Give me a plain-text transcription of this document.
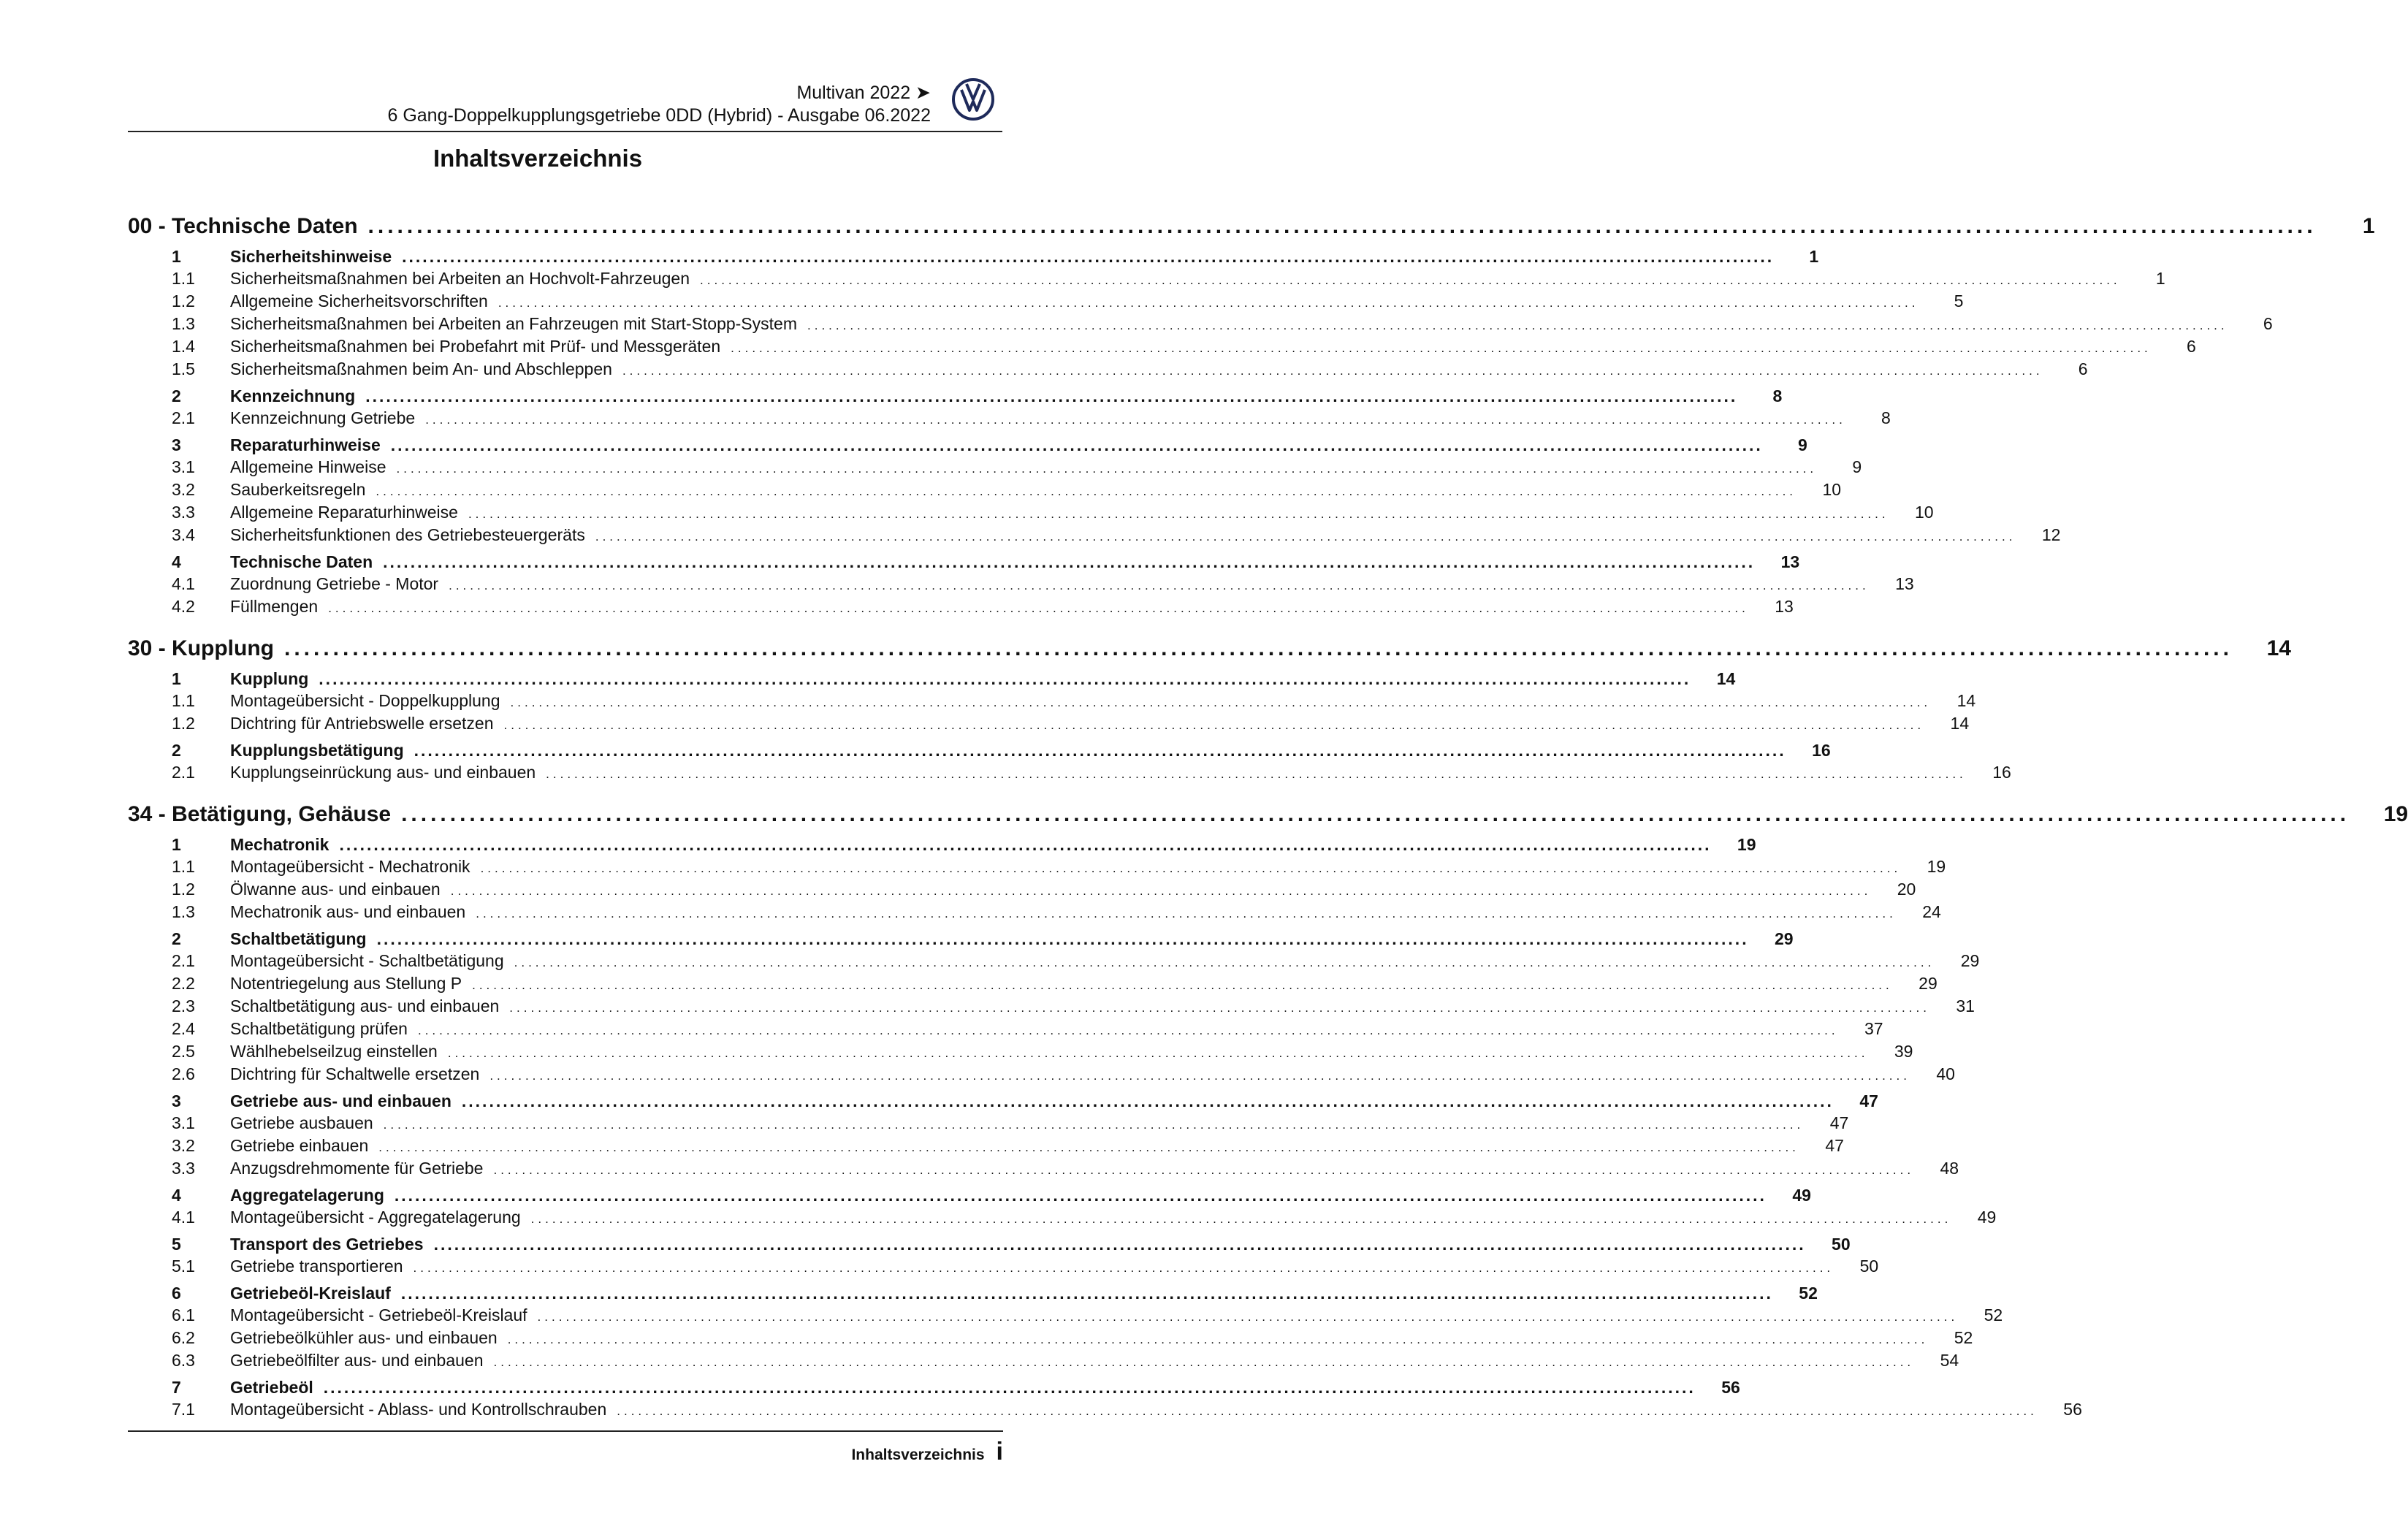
Multivan 2022 ➤
6 Gang-Doppelkupplungsgetriebe 0DD (Hybrid) - Ausgabe 06.2022
Inhaltsverzeichnis
00 - Technische Daten ........................................................................................................................................................................................................	1
1	Sicherheitshinweise ........................................................................................................................................................................................................	1
1.1	Sicherheitsmaßnahmen bei Arbeiten an Hochvolt-Fahrzeugen ........................................................................................................................................................................................................	1
1.2	Allgemeine Sicherheitsvorschriften ........................................................................................................................................................................................................	5
1.3	Sicherheitsmaßnahmen bei Arbeiten an Fahrzeugen mit Start-Stopp-System ........................................................................................................................................................................................................	6
1.4	Sicherheitsmaßnahmen bei Probefahrt mit Prüf- und Messgeräten ........................................................................................................................................................................................................	6
1.5	Sicherheitsmaßnahmen beim An- und Abschleppen ........................................................................................................................................................................................................	6
2	Kennzeichnung ........................................................................................................................................................................................................	8
2.1	Kennzeichnung Getriebe ........................................................................................................................................................................................................	8
3	Reparaturhinweise ........................................................................................................................................................................................................	9
3.1	Allgemeine Hinweise ........................................................................................................................................................................................................	9
3.2	Sauberkeitsregeln ........................................................................................................................................................................................................	10
3.3	Allgemeine Reparaturhinweise ........................................................................................................................................................................................................	10
3.4	Sicherheitsfunktionen des Getriebesteuergeräts ........................................................................................................................................................................................................	12
4	Technische Daten ........................................................................................................................................................................................................	13
4.1	Zuordnung Getriebe - Motor ........................................................................................................................................................................................................	13
4.2	Füllmengen ........................................................................................................................................................................................................	13
30 - Kupplung ........................................................................................................................................................................................................ 14
1	Kupplung ........................................................................................................................................................................................................	14
1.1	Montageübersicht - Doppelkupplung ........................................................................................................................................................................................................	14
1.2	Dichtring für Antriebswelle ersetzen ........................................................................................................................................................................................................	14
2	Kupplungsbetätigung ........................................................................................................................................................................................................	16
2.1	Kupplungseinrückung aus- und einbauen ........................................................................................................................................................................................................	16
34 - Betätigung, Gehäuse ........................................................................................................................................................................................................ 19
1	Mechatronik ........................................................................................................................................................................................................	19
1.1	Montageübersicht - Mechatronik ........................................................................................................................................................................................................	19
1.2	Ölwanne aus- und einbauen ........................................................................................................................................................................................................	20
1.3	Mechatronik aus- und einbauen ........................................................................................................................................................................................................	24
2	Schaltbetätigung ........................................................................................................................................................................................................	29
2.1	Montageübersicht - Schaltbetätigung ........................................................................................................................................................................................................	29
2.2	Notentriegelung aus Stellung P ........................................................................................................................................................................................................	29
2.3	Schaltbetätigung aus- und einbauen ........................................................................................................................................................................................................	31
2.4	Schaltbetätigung prüfen ........................................................................................................................................................................................................	37
2.5	Wählhebelseilzug einstellen ........................................................................................................................................................................................................	39
2.6	Dichtring für Schaltwelle ersetzen ........................................................................................................................................................................................................	40
3	Getriebe aus- und einbauen ........................................................................................................................................................................................................	47
3.1	Getriebe ausbauen ........................................................................................................................................................................................................	47
3.2	Getriebe einbauen ........................................................................................................................................................................................................	47
3.3	Anzugsdrehmomente für Getriebe ........................................................................................................................................................................................................	48
4	Aggregatelagerung ........................................................................................................................................................................................................	49
4.1	Montageübersicht - Aggregatelagerung ........................................................................................................................................................................................................	49
5	Transport des Getriebes ........................................................................................................................................................................................................	50
5.1	Getriebe transportieren ........................................................................................................................................................................................................	50
6	Getriebeöl-Kreislauf ........................................................................................................................................................................................................	52
6.1	Montageübersicht - Getriebeöl-Kreislauf ........................................................................................................................................................................................................	52
6.2	Getriebeölkühler aus- und einbauen ........................................................................................................................................................................................................	52
6.3	Getriebeölfilter aus- und einbauen ........................................................................................................................................................................................................	54
7	Getriebeöl ........................................................................................................................................................................................................	56
7.1	Montageübersicht - Ablass- und Kontrollschrauben ........................................................................................................................................................................................................	56
Inhaltsverzeichnis i
